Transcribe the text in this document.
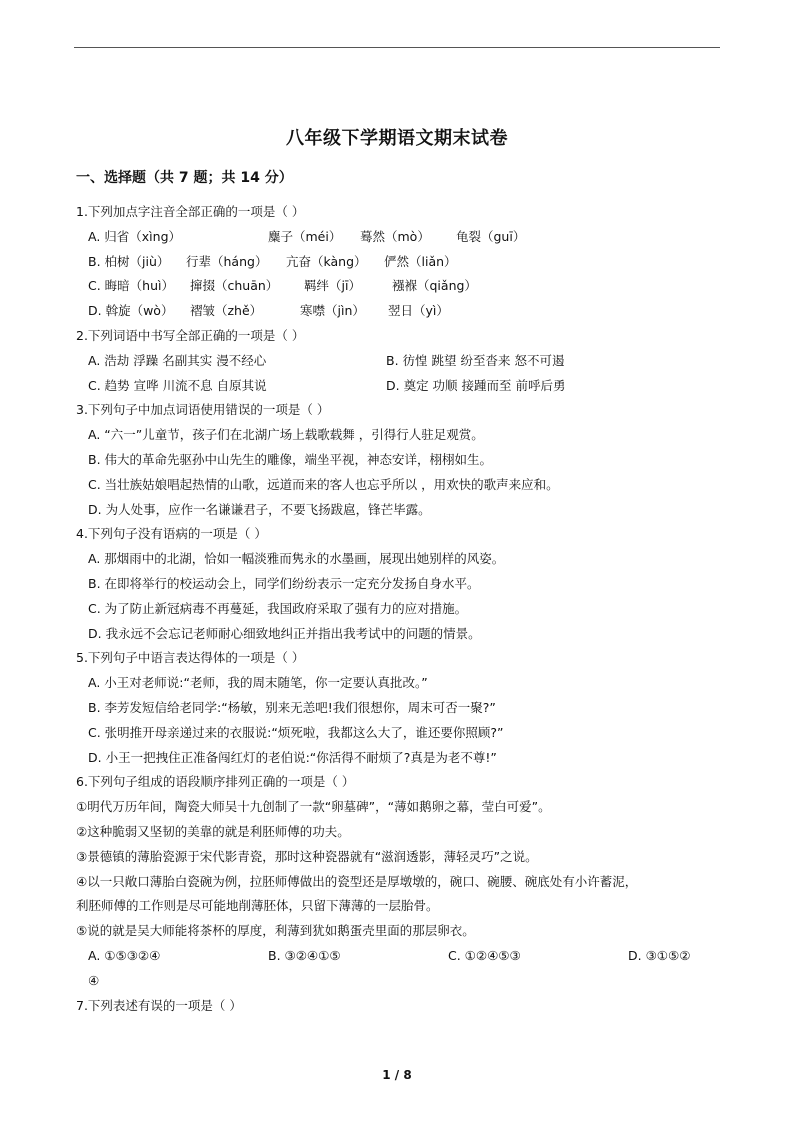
八年级下学期语文期末试卷
一、选择题（共 7 题；共 14 分）
1.下列加点字注音全部正确的一项是（ ）
A. 归省（xìng）	麋子（méi） 蓦然（mò） 龟裂（guī）
B. 柏树（jiù） 行辈（háng） 亢奋（kàng） 俨然（liǎn）
C. 晦暗（huì） 撺掇（chuān） 羁绊（jī） 襁褓（qiǎng）
D. 斡旋（wò） 褶皱（zhě）	寒噤（jìn） 翌日（yì）
2.下列词语中书写全部正确的一项是（ ）
A. 浩劫 浮躁 名副其实 漫不经心	B. 彷惶 跳望 纷至沓来 怒不可遏
C. 趋势 宣哗 川流不息 自原其说	D. 奠定 功顺 接踵而至 前呼后勇
3.下列句子中加点词语使用错误的一项是（ ）
A. “六一”儿童节，孩子们在北湖广场上载歌载舞 ，引得行人驻足观赏。
B. 伟大的革命先驱孙中山先生的雕像，端坐平视，神态安详，栩栩如生。
C. 当壮族姑娘唱起热情的山歌，远道而来的客人也忘乎所以 ，用欢快的歌声来应和。
D. 为人处事，应作一名谦谦君子，不要飞扬跋扈，锋芒毕露。
4.下列句子没有语病的一项是（ ）
A. 那烟雨中的北湖，恰如一幅淡雅而隽永的水墨画，展现出她别样的风姿。
B. 在即将举行的校运动会上，同学们纷纷表示一定充分发扬自身水平。
C. 为了防止新冠病毒不再蔓延，我国政府采取了强有力的应对措施。
D. 我永远不会忘记老师耐心细致地纠正并指出我考试中的问题的情景。
5.下列句子中语言表达得体的一项是（ ）
A. 小王对老师说:“老师，我的周末随笔，你一定要认真批改。”
B. 李芳发短信给老同学:“杨敏，别来无恙吧!我们很想你，周末可否一聚?”
C. 张明推开母亲递过来的衣服说:“烦死啦，我都这么大了，谁还要你照顾?”
D. 小王一把拽住正准备闯红灯的老伯说:“你活得不耐烦了?真是为老不尊!”
6.下列句子组成的语段顺序排列正确的一项是（ ）
①明代万历年间，陶瓷大师吴十九创制了一款“卵墓碑”，“薄如鹅卵之幕，莹白可爱”。
②这种脆弱又坚韧的美靠的就是利胚师傅的功夫。
③景德镇的薄胎瓷源于宋代影青瓷，那时这种瓷器就有“滋润透影，薄轻灵巧”之说。
④以一只敞口薄胎白瓷碗为例，拉胚师傅做出的瓷型还是厚墩墩的，碗口、碗腰、碗底处有小许蓄泥，
利胚师傅的工作则是尽可能地削薄胚体，只留下薄薄的一层胎骨。
⑤说的就是吴大师能将茶杯的厚度，利薄到犹如鹅蛋壳里面的那层卵衣。
A. ①⑤③②④	B. ③②④①⑤	C. ①②④⑤③	D. ③①⑤②
④
7.下列表述有误的一项是（ ）
1 / 8
